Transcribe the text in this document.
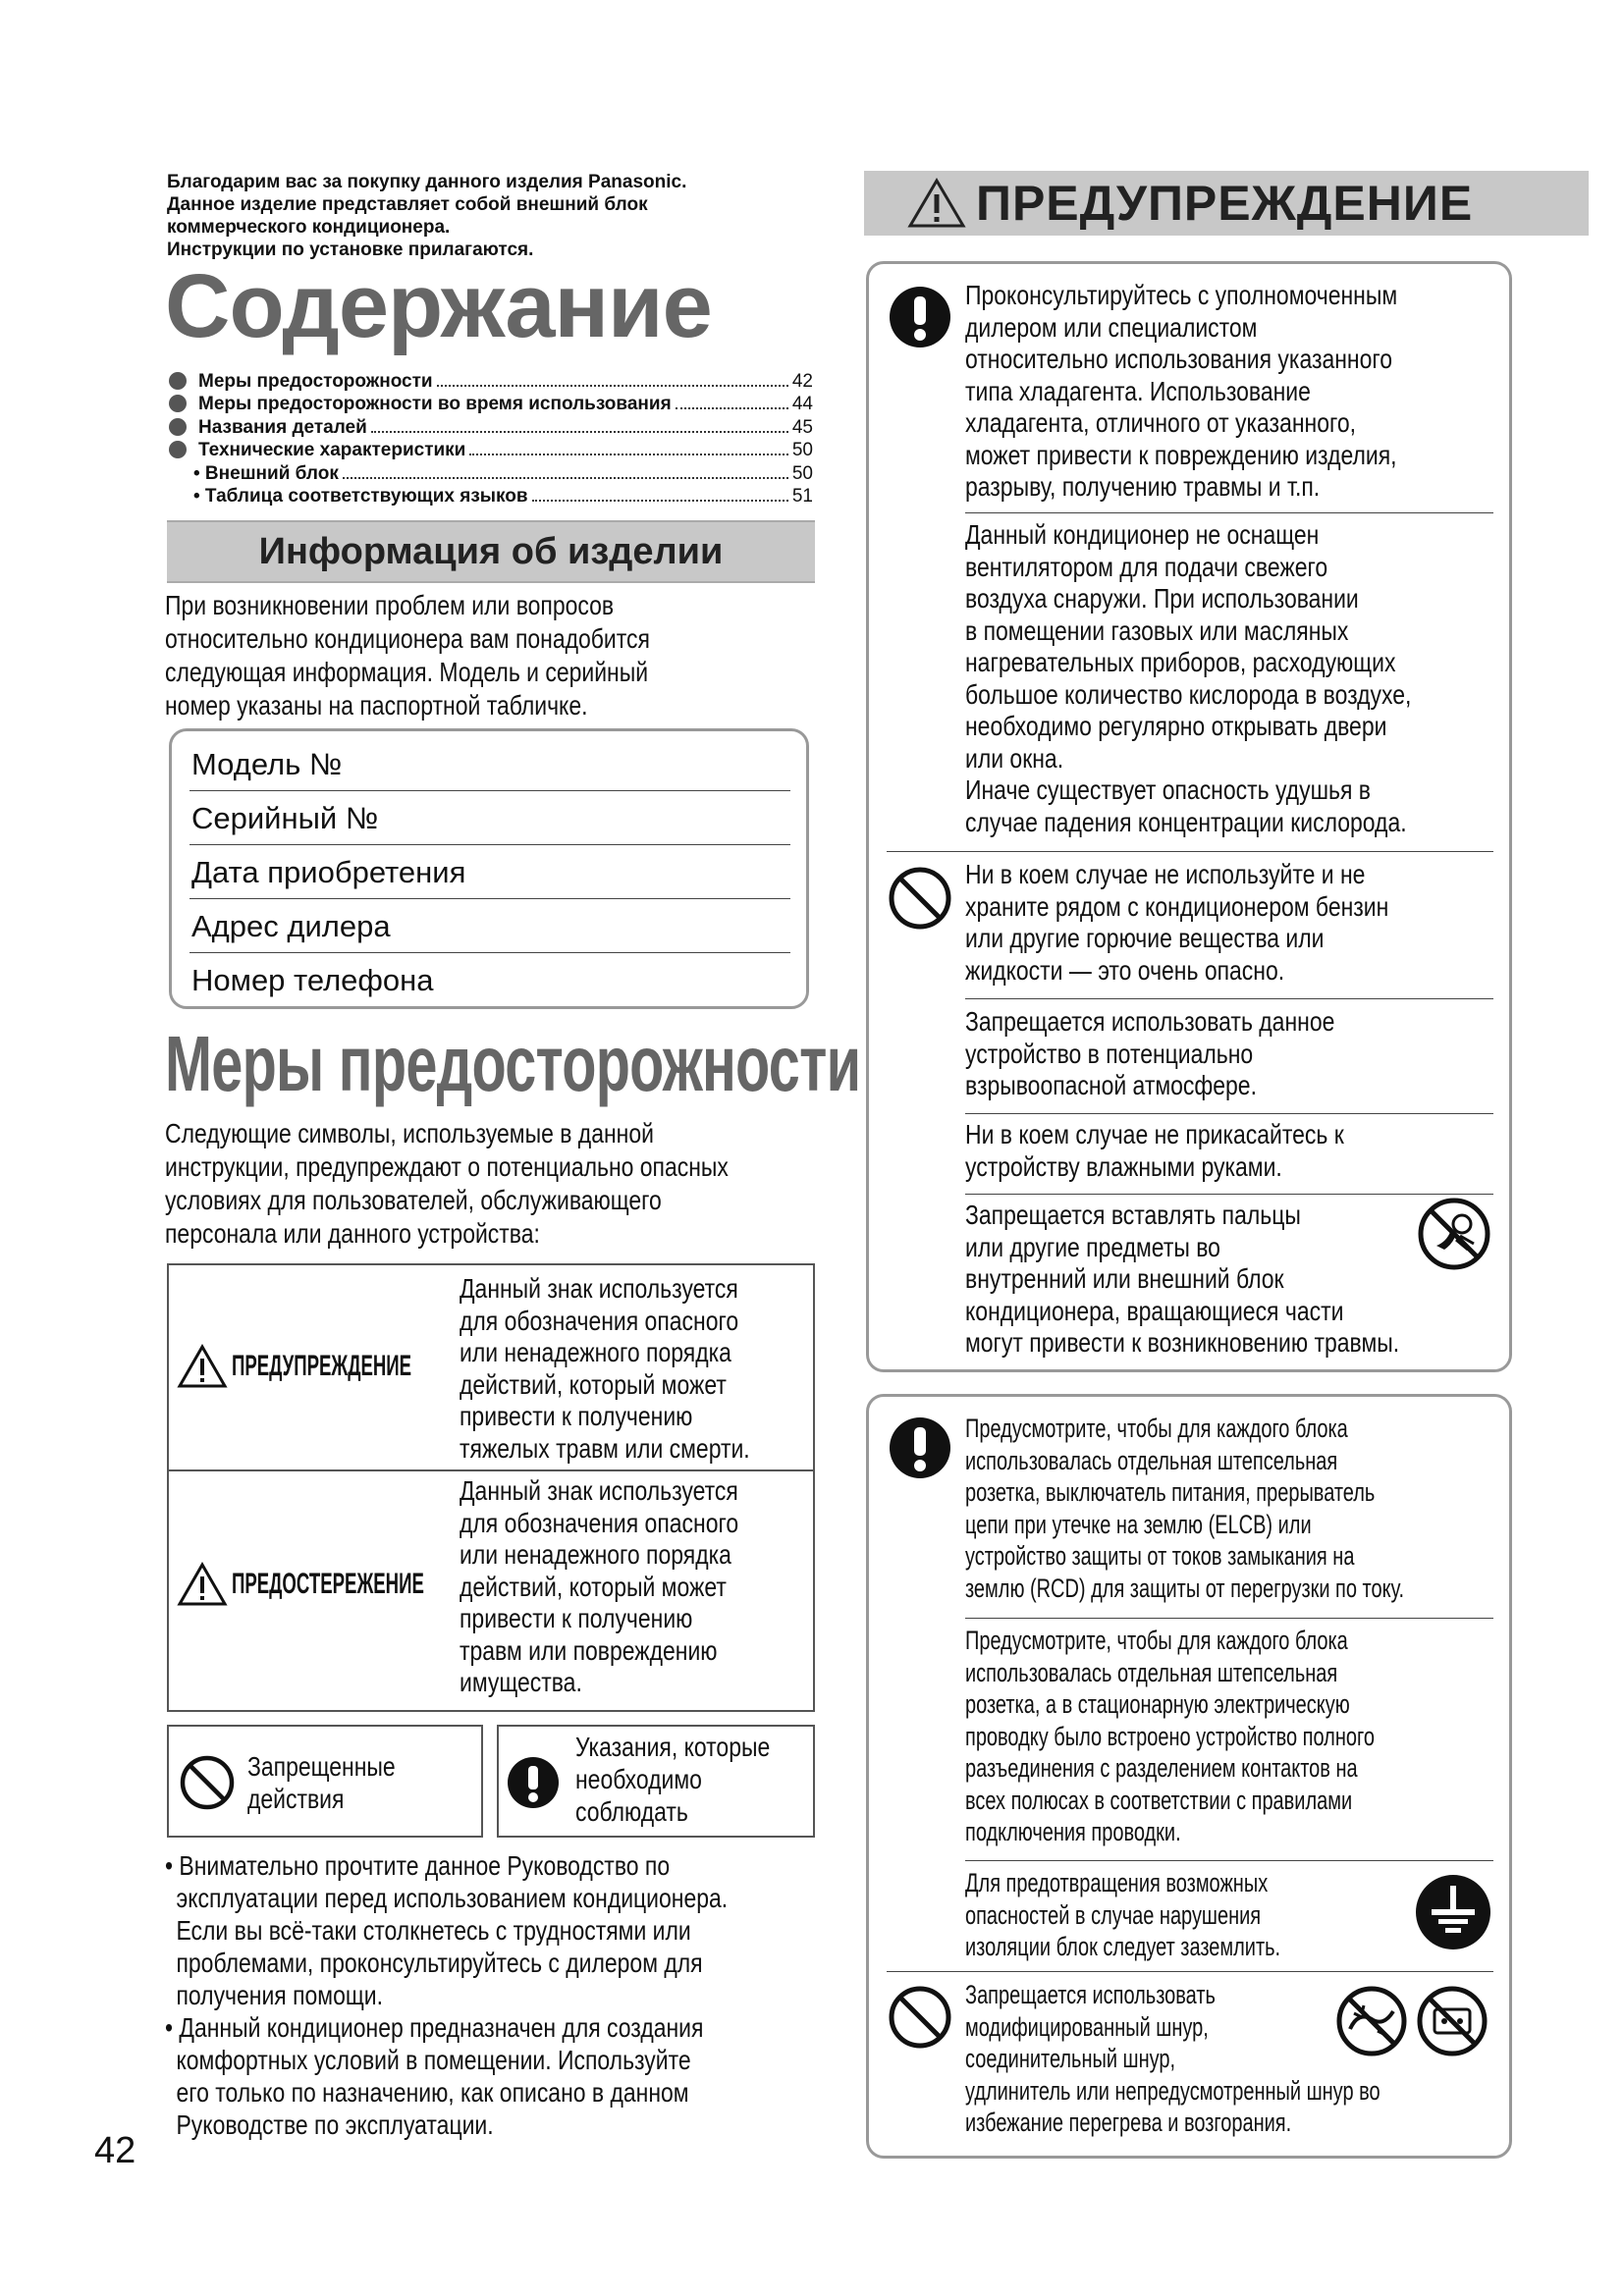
Благодарим вас за покупку данного изделия Panasonic.
Данное изделие представляет собой внешний блок
коммерческого кондиционера.
Инструкции по установке прилагаются.
Содержание
Меры предосторожности	42
Меры предосторожности во время использования	44
Названия деталей	45
Технические характеристики	50
• Внешний блок	50
• Таблица соответствующих языков	51
Информация об изделии
При возникновении проблем или вопросов
относительно кондиционера вам понадобится
следующая информация. Модель и серийный
номер указаны на паспортной табличке.
Модель №
Серийный №
Дата приобретения
Адрес дилера
Номер телефона
Меры предосторожности
Следующие символы, используемые в данной
инструкции, предупреждают о потенциально опасных
условиях для пользователей, обслуживающего
персонала или данного устройства:
ПРЕДУПРЕЖДЕНИЕ
Данный знак используется
для обозначения опасного
или ненадежного порядка
действий, который может
привести к получению
тяжелых травм или смерти.
ПРЕДОСТЕРЕЖЕНИЕ
Данный знак используется
для обозначения опасного
или ненадежного порядка
действий, который может
привести к получению
травм или повреждению
имущества.
Запрещенные
действия
Указания, которые
необходимо
соблюдать
• Внимательно прочтите данное Руководство по
эксплуатации перед использованием кондиционера.
Если вы всё-таки столкнетесь с трудностями или
проблемами, проконсультируйтесь с дилером для
получения помощи.
• Данный кондиционер предназначен для создания
комфортных условий в помещении. Используйте
его только по назначению, как описано в данном
Руководстве по эксплуатации.
42
ПРЕДУПРЕЖДЕНИЕ
Проконсультируйтесь с уполномоченным
дилером или специалистом
относительно использования указанного
типа хладагента. Использование
хладагента, отличного от указанного,
может привести к повреждению изделия,
разрыву, получению травмы и т.п.
Данный кондиционер не оснащен
вентилятором для подачи свежего
воздуха снаружи. При использовании
в помещении газовых или масляных
нагревательных приборов, расходующих
большое количество кислорода в воздухе,
необходимо регулярно открывать двери
или окна.
Иначе существует опасность удушья в
случае падения концентрации кислорода.
Ни в коем случае не используйте и не
храните рядом с кондиционером бензин
или другие горючие вещества или
жидкости — это очень опасно.
Запрещается использовать данное
устройство в потенциально
взрывоопасной атмосфере.
Ни в коем случае не прикасайтесь к
устройству влажными руками.
Запрещается вставлять пальцы
или другие предметы во
внутренний или внешний блок
кондиционера, вращающиеся части
могут привести к возникновению травмы.
Предусмотрите, чтобы для каждого блока
использовалась отдельная штепсельная
розетка, выключатель питания, прерыватель
цепи при утечке на землю (ELCB) или
устройство защиты от токов замыкания на
землю (RCD) для защиты от перегрузки по току.
Предусмотрите, чтобы для каждого блока
использовалась отдельная штепсельная
розетка, а в стационарную электрическую
проводку было встроено устройство полного
разъединения с разделением контактов на
всех полюсах в соответствии с правилами
подключения проводки.
Для предотвращения возможных
опасностей в случае нарушения
изоляции блок следует заземлить.
Запрещается использовать
модифицированный шнур,
соединительный шнур,
удлинитель или непредусмотренный шнур во
избежание перегрева и возгорания.
